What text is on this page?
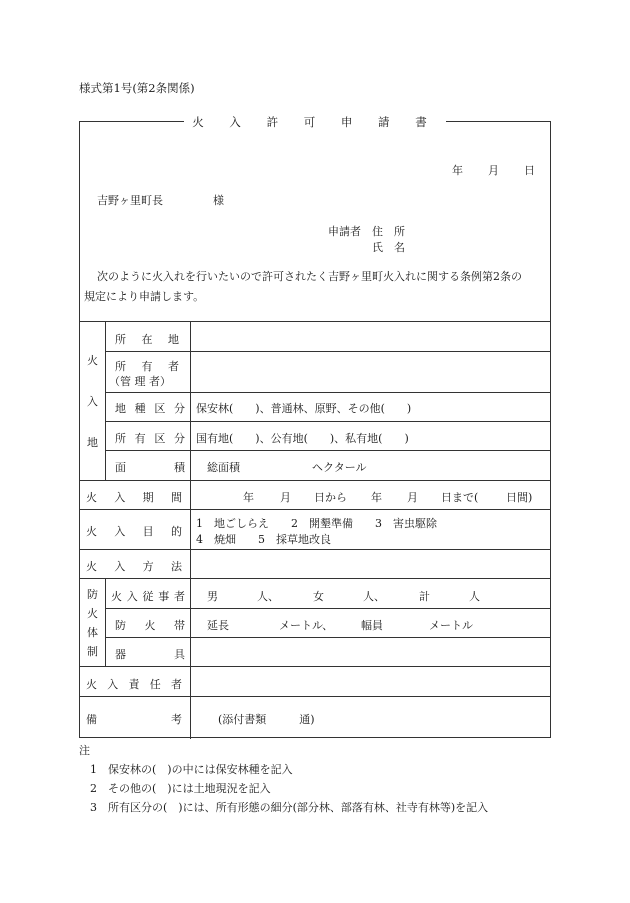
様式第1号(第2条関係)
火 入 許 可 申 請 書
年 月 日
吉野ヶ里町長	様
申請者 住　所
氏　名
次のように火入れを行いたいので許可されたく吉野ヶ里町火入れに関する条例第2条の
規定により申請します。
火
入
地
所 在 地
所 有 者
（管 理 者）
地 種 区 分 保安林(　　)、普通林、原野、その他(　　)
所 有 区 分 国有地(　　)、公有地(　　)、私有地(　　)
面	積 総面積	ヘクタール
火 入 期 間	年 月 日から 年 月 日まで(	日間)
火 入 目 的
1　地ごしらえ　　2　開墾準備　　3　害虫駆除
4　焼畑　　5　採草地改良
火 入 方 法
防
火
体
制
火 入 従 事 者 男	人、	女	人、	計	人
防 火 帯 延長	メートル、	幅員	メートル
器	具
火 入 責 任 者
備	考	(添付書類　　　通)
注
1　保安林の(　)の中には保安林種を記入
2　その他の(　)には土地現況を記入
3　所有区分の(　)には、所有形態の細分(部分林、部落有林、社寺有林等)を記入
